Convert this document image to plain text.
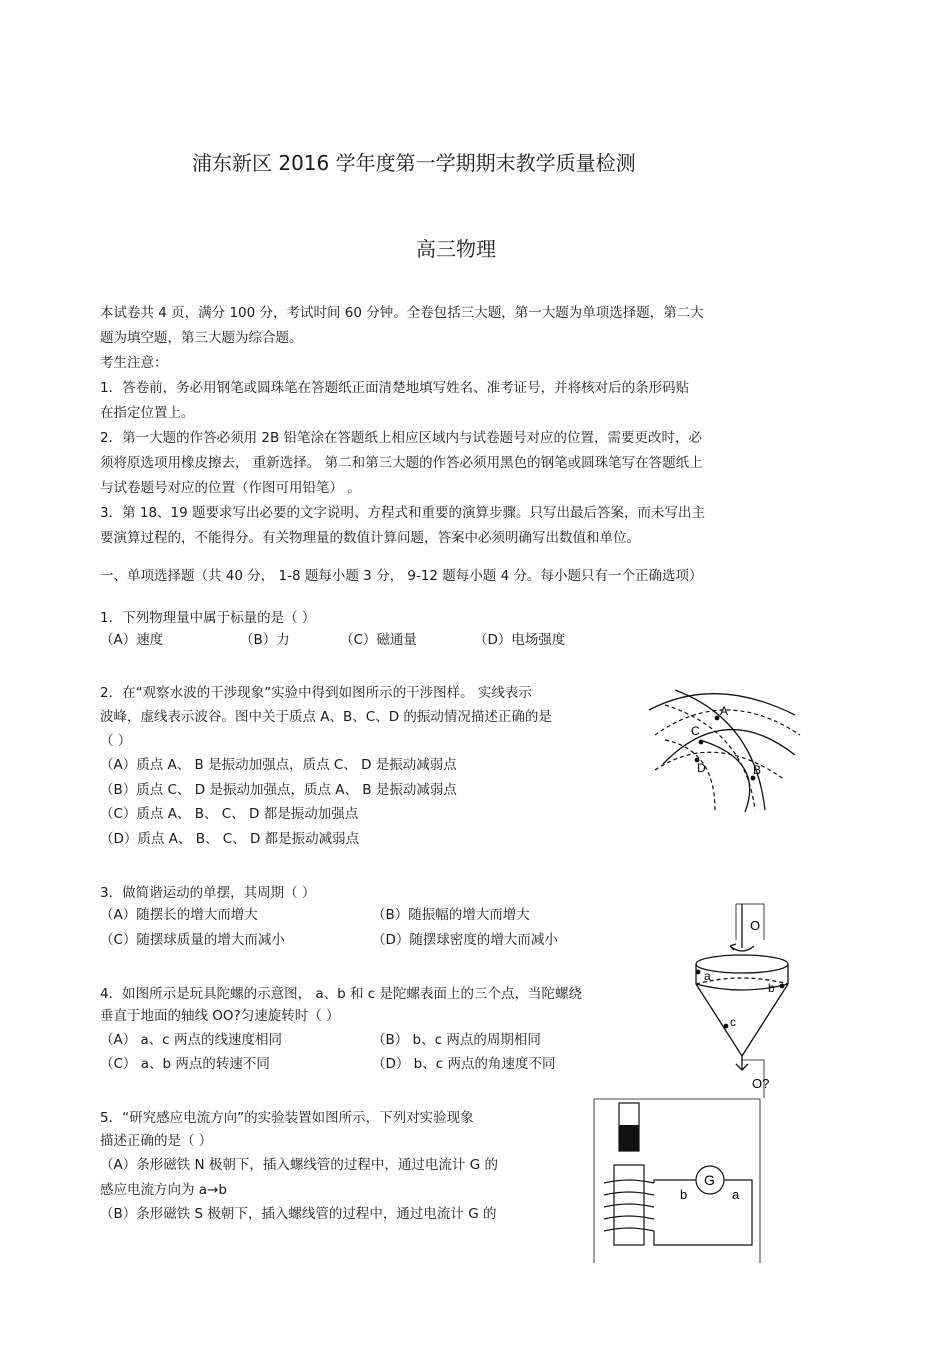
浦东新区 2016 学年度第一学期期末教学质量检测
高三物理
本试卷共 4 页，满分 100 分，考试时间 60 分钟。全卷包括三大题，第一大题为单项选择题，第二大
题为填空题，第三大题为综合题。
考生注意：
1．答卷前，务必用钢笔或圆珠笔在答题纸正面清楚地填写姓名、准考证号，并将核对后的条形码贴
在指定位置上。
2．第一大题的作答必须用 2B 铅笔涂在答题纸上相应区域内与试卷题号对应的位置，需要更改时，必
须将原选项用橡皮擦去， 重新选择。 第二和第三大题的作答必须用黑色的钢笔或圆珠笔写在答题纸上
与试卷题号对应的位置（作图可用铅笔） 。
3．第 18、19 题要求写出必要的文字说明、方程式和重要的演算步骤。只写出最后答案，而未写出主
要演算过程的，不能得分。有关物理量的数值计算问题，答案中必须明确写出数值和单位。
一、单项选择题（共 40 分， 1-8 题每小题 3 分， 9-12 题每小题 4 分。每小题只有一个正确选项）
1．下列物理量中属于标量的是（ ）
（A）速度	（B）力	（C）磁通量	（D）电场强度
2．在“观察水波的干涉现象”实验中得到如图所示的干涉图样。 实线表示
波峰，虚线表示波谷。图中关于质点 A、B、C、D 的振动情况描述正确的是
（ ）
（A）质点 A、 B 是振动加强点，质点 C、 D 是振动减弱点
（B）质点 C、 D 是振动加强点，质点 A、 B 是振动减弱点
（C）质点 A、 B、 C、 D 都是振动加强点
（D）质点 A、 B、 C、 D 都是振动减弱点
A
C
D	B
3．做简谐运动的单摆，其周期（ ）
（A）随摆长的增大而增大	（B）随振幅的增大而增大
（C）随摆球质量的增大而减小	（D）随摆球密度的增大而减小
4．如图所示是玩具陀螺的示意图， a、b 和 c 是陀螺表面上的三个点，当陀螺绕
垂直于地面的轴线 OO?匀速旋转时（ ）
（A） a、c 两点的线速度相同	（B） b、c 两点的周期相同
（C） a、b 两点的转速不同	（D） b、c 两点的角速度不同
O
a
b
c
O?
5．“研究感应电流方向”的实验装置如图所示，下列对实验现象
描述正确的是（ ）
（A）条形磁铁 N 极朝下，插入螺线管的过程中，通过电流计 G 的
感应电流方向为 a→b
（B）条形磁铁 S 极朝下，插入螺线管的过程中，通过电流计 G 的
G
b	a
